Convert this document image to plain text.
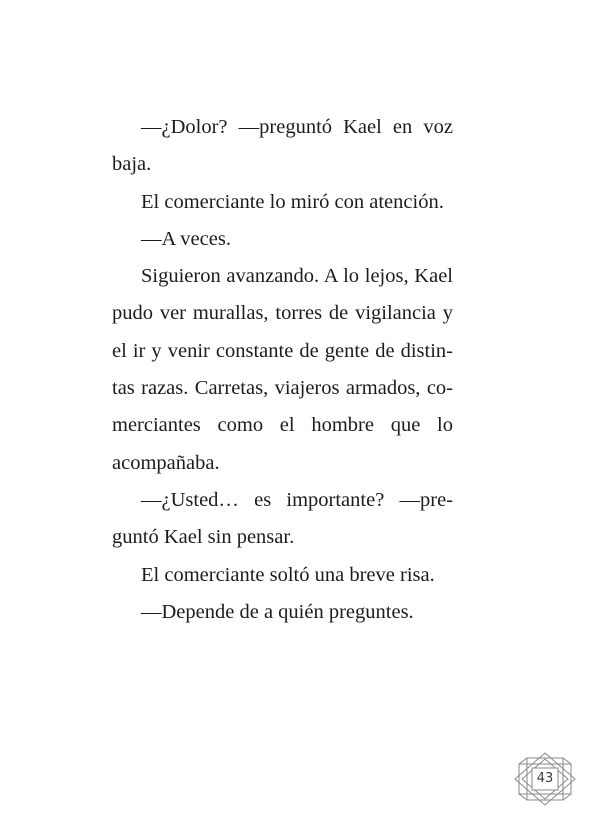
—¿Dolor? —preguntó Kael en voz
baja.
El comerciante lo miró con atención.
—A veces.
Siguieron avanzando. A lo lejos, Kael
pudo ver murallas, torres de vigilancia y
el ir y venir constante de gente de distin-
tas razas. Carretas, viajeros armados, co-
merciantes como el hombre que lo
acompañaba.
—¿Usted… es importante? —pre-
guntó Kael sin pensar.
El comerciante soltó una breve risa.
—Depende de a quién preguntes.
43
